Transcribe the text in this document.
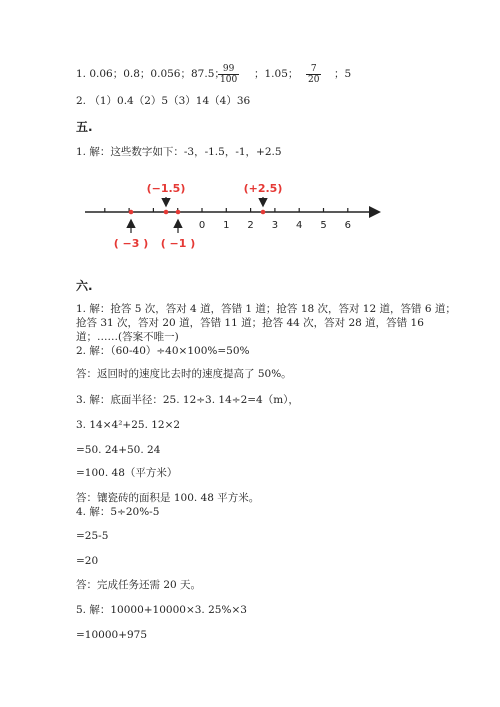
1. 0.06；0.8；0.056；87.5；
$\frac{99}{100}$ ；1.05； $\frac{7}{20}$ ；5
2. （1）0.4（2）5（3）14（4）36
五.
1. 解：这些数字如下：-3，-1.5，-1，+2.5
0 1 2 3 4 5 6
(−1.5)	(+2.5)
( −3 ) ( −1 )
六.
1. 解：抢答 5 次，答对 4 道，答错 1 道；抢答 18 次，答对 12 道，答错 6 道；
抢答 31 次，答对 20 道，答错 11 道；抢答 44 次，答对 28 道，答错 16
道；……(答案不唯一)
2. 解：（60-40）÷40×100%=50%
答：返回时的速度比去时的速度提高了 50%。
3. 解：底面半径：25. 12÷3. 14÷2=4（m），
3. 14×4²+25. 12×2
=50. 24+50. 24
=100. 48（平方米）
答：镶瓷砖的面积是 100. 48 平方米。
4. 解：5÷20%-5
=25-5
=20
答：完成任务还需 20 天。
5. 解：10000+10000×3. 25%×3
=10000+975
